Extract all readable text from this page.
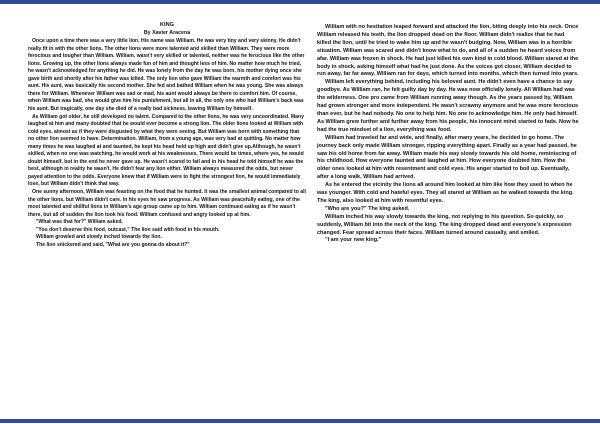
KING
By Xavier Aracena

Once upon a time there was a very little lion. His name was William. He was very tiny and very skinny. He didn't really fit in with the other lions. The other lions were more talented and skilled than William. They were more ferocious and tougher than William. William, wasn't very skilled or talented, neither was he ferocious like the other lions. Growing up, the other lions always made fun of him and thought less of him. No matter how much he tried, he wasn't acknowledged for anything he did. He was lonely from the day he was born, his mother dying once she gave birth and shortly after his father was killed. The only lion who gave William the warmth and comfort was his aunt. His aunt, was basically his second mother. She fed and bathed William when he was young. She was always there for William. Whenever William was sad or mad, his aunt would always be there to comfort him. Of course, when William was bad, she would give him his punishment, but all in all, the only one who had William's back was his aunt. But tragically, one day she died of a really bad sickness, leaving William by himself.

As William got older, he still developed no talent. Compared to the other lions, he was very uncoordinated. Many laughed at him and many doubted that he would ever become a strong lion. The older lions looked at William with cold eyes, almost as if they were disgusted by what they were seeing. But William was born with something that no other lion seemed to have. Determination. William, from a young age, was very bad at quitting. No matter how many times he was laughed at and taunted, he kept his head held up high and didn't give up.Although, he wasn't skilled, when no one was watching, he would work at his weaknesses. There would be times, where yes, he would doubt himself, but in the end he never gave up. He wasn't scared to fail and in his head he told himself he was the best, although in reality he wasn't. He didn't fear any lion either. William always measured the odds, but never payed attention to the odds. Everyone knew that if William were to fight the strongest lion, he would immediately lose, but William didn't think that way.

One sunny afternoon, William was feasting on the food that he hunted. It was the smallest animal compared to all the other lions, but William didn't care. In his eyes he saw progress. As William was peacefully eating, one of the most talented and skillful lions in William's age group came up to him. William continued eating as if he wasn't there, but all of sudden the lion took his food. William confused and angry looked up at him.

"What was that for?" William asked.

"You don't deserve this food, outcast," The lion said with food in his mouth.

William growled and slowly inched towards the lion.

The lion snickered and said, "What are you gonna do about it?"

William with no hesitation leaped forward and attacked the lion, biting deeply into his neck. Once William released his teeth, the lion dropped dead on the floor. William didn't realize that he had killed the lion, until he tried to wake him up and he wasn't budging. Now, William was in a horrible situation. William was scared and didn't know what to do, and all of a sudden he heard voices from afar. William was frozen in shock. He had just killed his own kind in cold blood. William stared at the body in shock, asking himself what had he just done. As the voices got closer, William decided to run away, far far away. William ran for days, which turned into months, which then turned into years.

William left everything behind, including his beloved aunt. He didn't even have a chance to say goodbye. As William ran, he felt guilty day by day. He was now officially lonely. All William had was the wilderness. One pro came from William running away though. As the years passed by, William had grown stronger and more independent. He wasn't scrawny anymore and he was more ferocious than ever, but he had nobody. No one to help him. No one to acknowledge him. He only had himself. As William grew further and further away from his people, his innocent mind started to fade. Now he had the true mindset of a lion, everything was food.

William had traveled far and wide, and finally, after many years, he decided to go home. The journey back only made William stronger, ripping everything apart. Finally as a year had passed, he saw his old home from far away. William made his way slowly towards his old home, reminiscing of his childhood. How everyone taunted and laughed at him. How everyone doubted him. How the older ones looked at him with resentment and cold eyes. His anger started to boil up. Eventually, after a long walk, William had arrived.

As he entered the vicinity the lions all around him looked at him like how they used to when he was younger. With cold and hateful eyes. They all stared at William as he walked towards the king. The king, also looked at him with resentful eyes.

"Who are you?" The king asked.

William inched his way slowly towards the king, not replying to his question. So quickly, so suddenly, William bit into the neck of the king. The king dropped dead and everyone's expression changed. Fear spread across their faces. William turned around casually, and smiled.

"I am your new king."
